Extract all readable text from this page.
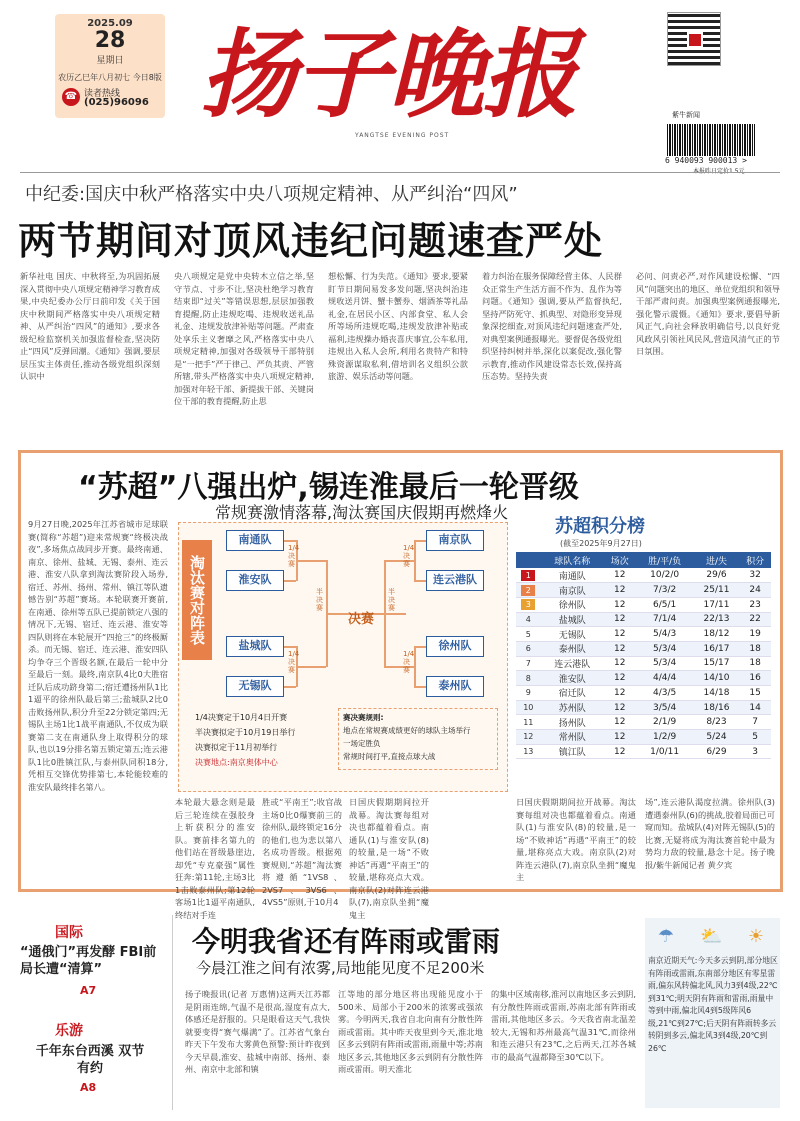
2025.09
28
星期日
农历乙巳年八月初七 今日8版
☎ 读者热线
(025)96096 扬子晚报
YANGTSE EVENING POST
紫牛新闻
6 940093 900013 >
中纪委:国庆中秋严格落实中央八项规定精神、从严纠治“四风”
两节期间对顶风违纪问题速查严处
新华社电 国庆、中秋将至,为巩固拓展深入贯彻中央八项规定精神学习教育成果,中央纪委办公厅日前印发《关于国庆中秋期间严格落实中央八项规定精神、从严纠治“四风”的通知》,要求各级纪检监察机关加强监督检查,坚决防止“四风”反弹回潮。《通知》强调,要层层压实主体责任,推动各级党组织深刻认识中
央八项规定是党中央转木立信之举,坚守节点、寸步不让,坚决杜绝学习教育结束即“过关”等错误思想,层层加强教育提醒,防止违规吃喝、违规收送礼品礼金、违规发放津补贴等问题。严肃查处享乐主义奢靡之风,严格落实中央八项规定精神,加强对各级领导干部特别是“一把手”严于律己、严负其责、严管所辖,带头严格落实中央八项规定精神,加强对年轻干部、新提拔干部、关键岗位干部的教育提醒,防止思
想松懈、行为失范。《通知》要求,要紧盯节日期间易发多发问题,坚决纠治违规收送月饼、蟹卡蟹券、烟酒茶等礼品礼金,在居民小区、内部食堂、私人会所等场所违规吃喝,违规发放津补贴或福利,违规操办婚丧喜庆事宜,公车私用,违规出入私人会所,利用名贵特产和特殊资源谋取私利,借培训名义组织公款旅游、娱乐活动等问题。
着力纠治在服务保障经营主体、人民群众正常生产生活方面不作为、乱作为等问题。《通知》强调,要从严监督执纪,坚持严防死守、抓典型、对隐形变异现象深挖细查,对顶风违纪问题速查严处,对典型案例通报曝光。要督促各级党组织坚持纠树并举,深化以案促改,强化警示教育,推动作风建设常态长效,保持高压态势。坚持失责
必问、问责必严,对作风建设松懈、“四风”问题突出的地区、单位党组织和领导干部严肃问责。加强典型案例通报曝光,强化警示震慑。《通知》要求,要倡导新风正气,向社会释放明确信号,以良好党风政风引领社风民风,营造风清气正的节日氛围。
“苏超”八强出炉,锡连淮最后一轮晋级
常规赛激情落幕,淘汰赛国庆假期再燃烽火
9月27日晚,2025年江苏省城市足球联赛(简称“苏超”)迎来常规赛“终极决战夜”,多场焦点战同步开赛。最终南通、南京、徐州、盐城、无锡、泰州、连云港、淮安八队拿到淘汰赛阶段入场券,宿迁、苏州、扬州、常州、镇江等队遗憾告别“苏超”赛场。本轮联赛开赛前,在南通、徐州等五队已提前锁定八强的情况下,无锡、宿迁、连云港、淮安等四队则将在本轮展开“四抢三”的终极厮杀。而无锡、宿迁、连云港、淮安四队均争夺三个晋级名额,在最后一轮中分至最后一刻。最终,南京队4比0大胜宿迁队后成功跻身第二;宿迁遭扬州队1比1逼平的徐州队最后第三;盐城队2比0击败扬州队,积分升至22分锁定第四;无锡队主场1比1战平南通队,不仅成为联赛第二支在南通队身上取得积分的球队,也以19分排名第五锁定第五;连云港队1比0胜镇江队,与泰州队同积18分,凭相互交锋优势排第七,本轮能较难的淮安队最终排名第八。
淘汰赛对阵表
南通队
淮安队
盐城队
无锡队
南京队
连云港队
徐州队
泰州队
1/4决赛
1/4决赛
1/4决赛
1/4决赛
半决赛
半决赛
决赛
1/4决赛定于10月4日开赛
半决赛拟定于10月19日举行
决赛拟定于11月初举行
决赛地点:南京奥体中心
赛决赛规则:
地点在常规赛成绩更好的球队主场举行
一场定胜负
常规时间打平,直接点球大战
本轮最大悬念则是最后三轮连续在强胶身上斩获积分的淮安队。赛前排名第九的他们站在晋级悬崖边,却凭“专克豪强”属性狂奔:第11轮,主场3比1击败泰州队;第12轮客场1比1逼平南通队,终结对手连
胜或“平南王”;收官战主场0比0爆赛前三的徐州队,最终锁定16分的他们,也为悲以第八名成功晋级。根据苑赛规则,“苏超”淘汰赛将遵循“1VS8、2VS7、3VS6、4VS5”原则,于10月4
日国庆假期期间拉开战幕。淘汰赛每组对决也都蕴着看点。南通队(1)与淮安队(8)的较量,是一场“不败神话”再遇“平南王”的较量,堪称亮点大戏。南京队(2)对阵连云港队(7),南京队坐拥“魔鬼主
日国庆假期期间拉开战幕。淘汰赛每组对决也都蕴着看点。南通队(1)与淮安队(8)的较量,是一场“不败神话”再遇“平南王”的较量,堪称亮点大戏。南京队(2)对阵连云港队(7),南京队坐拥“魔鬼主
场”,连云港队渴度拉满。徐州队(3)遭遇泰州队(6)的挑战,胶着局面已可窥而知。盐城队(4)对阵无锡队(5)的比赛,无疑将成为淘汰赛首轮中最为势均力敌的较量,悬念十足。扬子晚报/紫牛新闻记者 黄夕宾
苏超积分榜
(截至2025年9月27日)
	球队名称	场次	胜/平/负	进/失	积分
1	南通队	12	10/2/0	29/6	32
2	南京队	12	7/3/2	25/11	24
3	徐州队	12	6/5/1	17/11	23
4	盐城队	12	7/1/4	22/13	22
5	无锡队	12	5/4/3	18/12	19
6	泰州队	12	5/3/4	16/17	18
7	连云港队	12	5/3/4	15/17	18
8	淮安队	12	4/4/4	14/10	16
9	宿迁队	12	4/3/5	14/18	15
10	苏州队	12	3/5/4	18/16	14
11	扬州队	12	2/1/9	8/23	7
12	常州队	12	1/2/9	5/24	5
13	镇江队	12	1/0/11	6/29	3
国际
“通俄门”再发酵 FBI前局长遭“清算”
A7
乐游
千年东台西溪 双节有约
A8
今明我省还有阵雨或雷雨
今晨江淮之间有浓雾,局地能见度不足200米
扬子晚报讯(记者 万惠情)这两天江苏都是阴雨连绵,气温不是很高,湿度有点大,体感还是舒服的。只是眼看这天气,我快就要变得“赛气爆满”了。江苏省气象台昨天下午发布大雾黄色预警:预计昨夜到今天早晨,淮安、盐城中南部、扬州、泰州、南京中北部和镇
江等地的部分地区将出现能见度小于500米、局部小于200米的浓雾或强浓雾。今明两天,我省自北向南有分散性阵雨或雷雨。其中昨天夜里到今天,淮北地区多云到阴有阵雨或雷雨,雨量中等;苏南地区多云,其他地区多云到阴有分散性阵雨或雷雨。明天淮北
的集中区域南移,淮河以南地区多云到阴,有分散性阵雨或雷雨,苏南北部有阵雨或雷雨,其他地区多云。今天我省南北温差较大,无锡和苏州最高气温31℃,而徐州和连云港只有23℃,之后两天,江苏各城市的最高气温都降至30℃以下。
☂ ⛅ ☀
南京近期天气:今天多云到阴,部分地区有阵雨或雷雨,东南部分地区有零星雷雨,偏东风转偏北风,风力3到4级,22℃到31℃;明天阴有阵雨和雷雨,雨量中等到中雨,偏北风4到5级阵风6级,21℃到27℃;后天阴有阵雨转多云转阴到多云,偏北风3到4级,20℃到26℃
